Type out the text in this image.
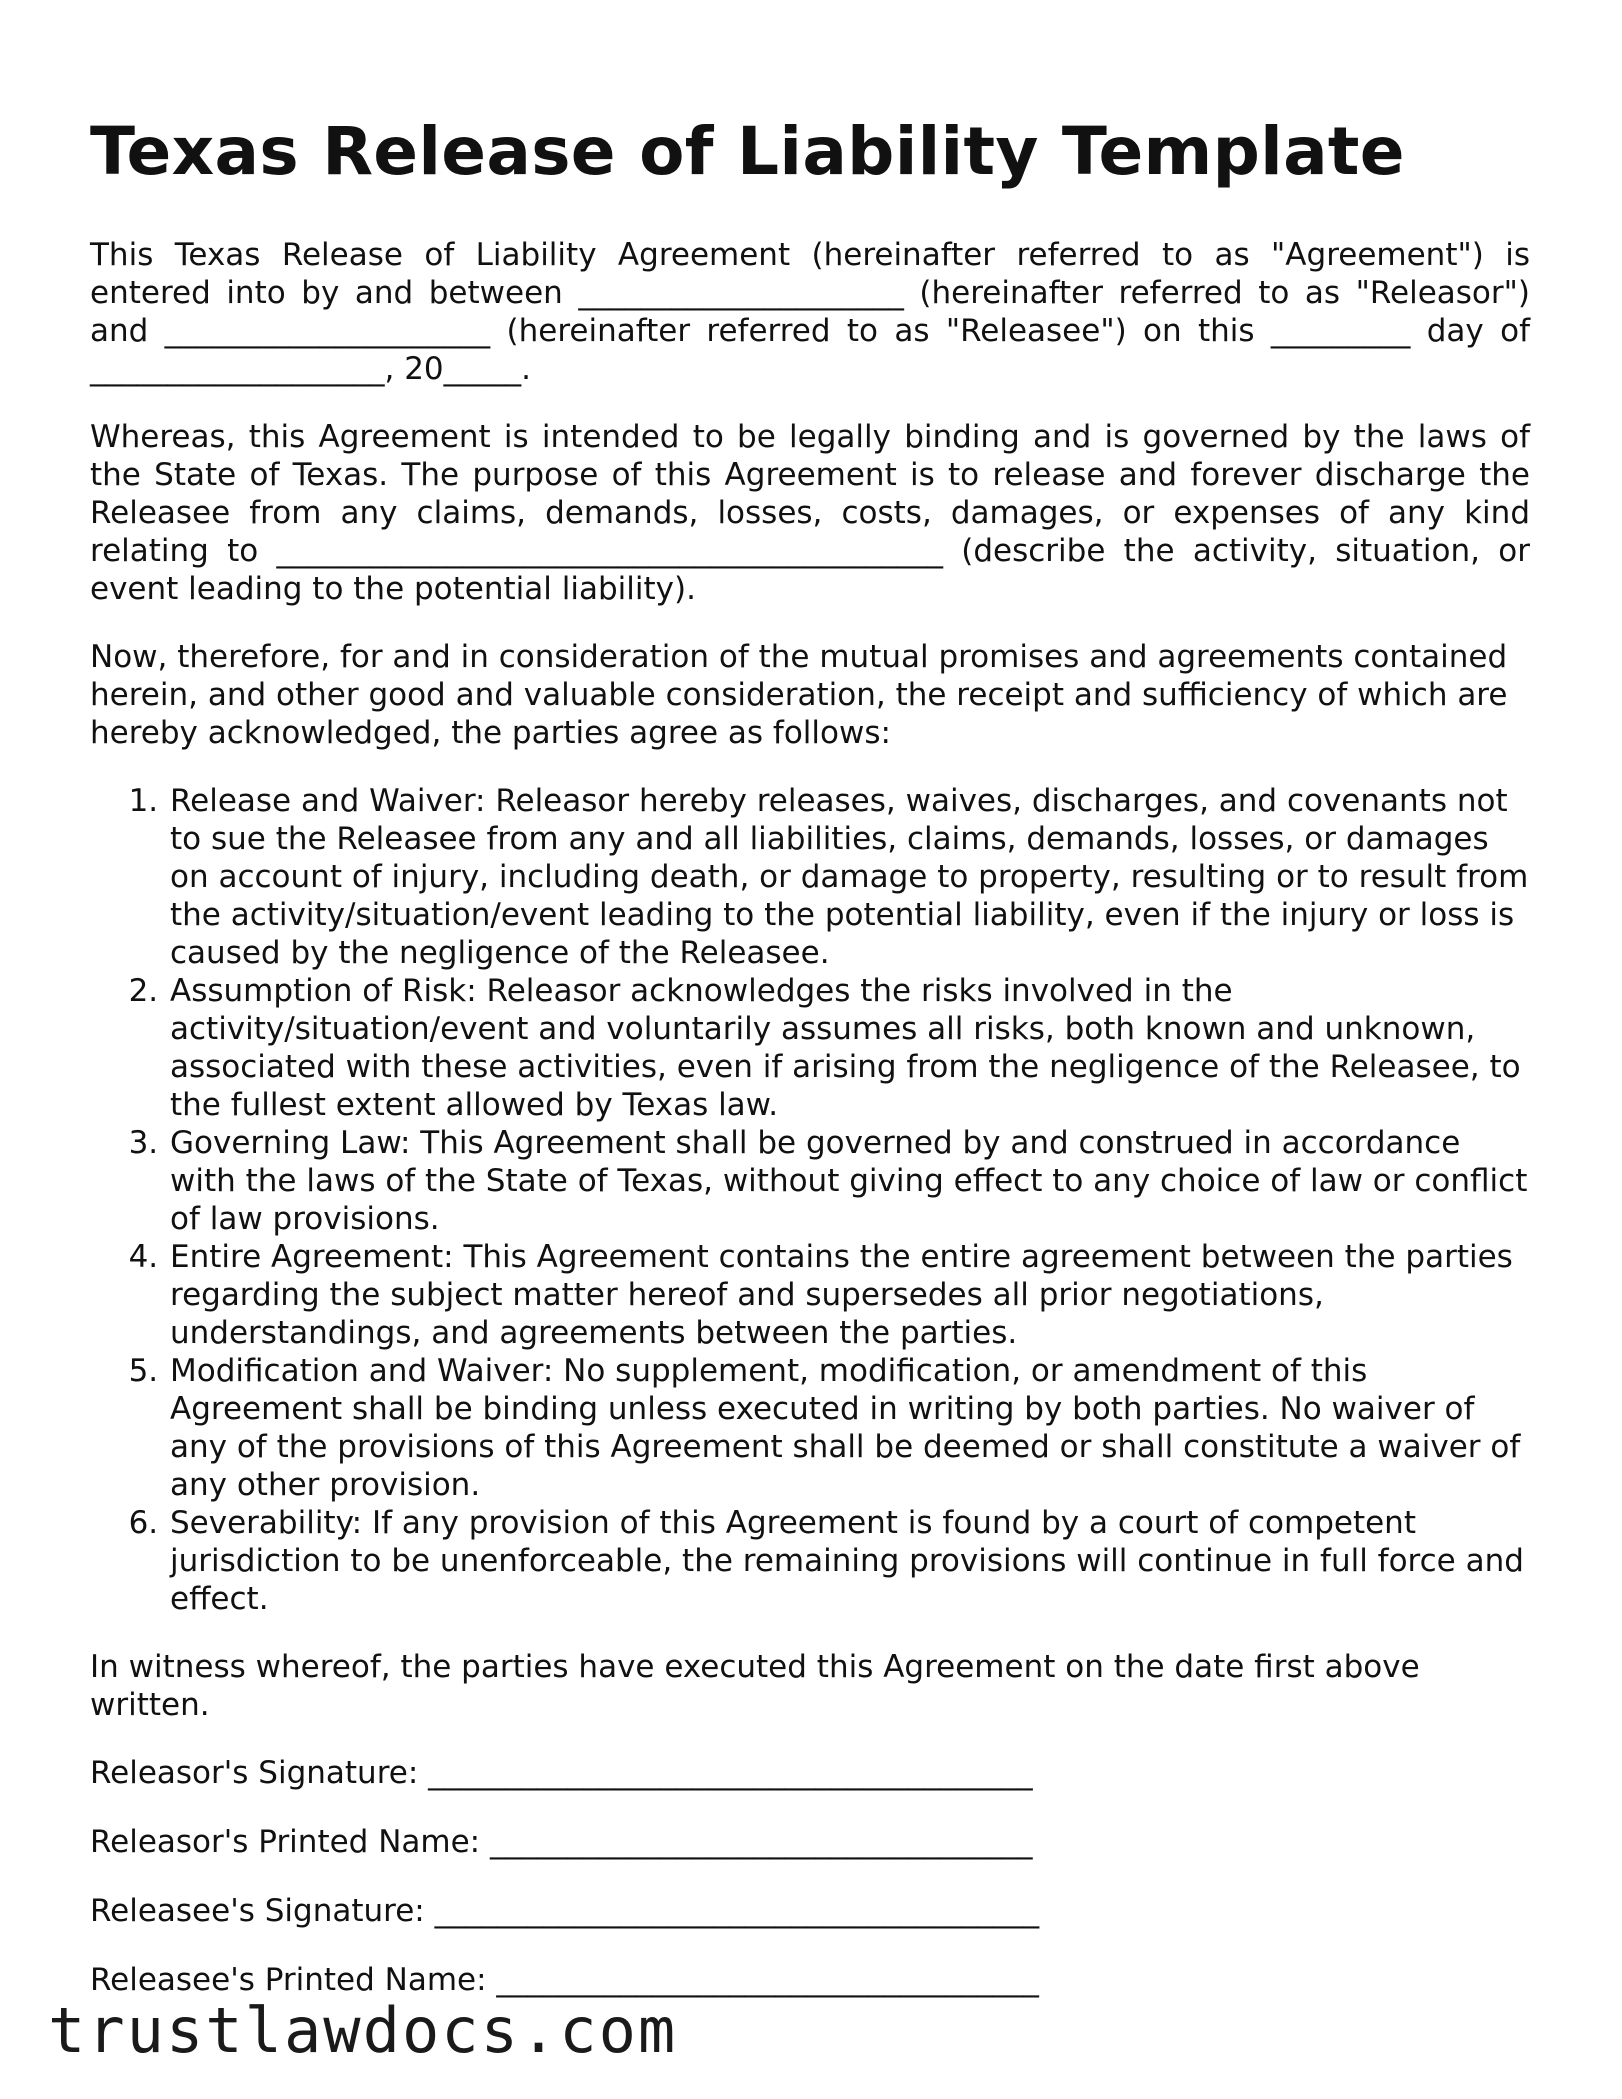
Texas Release of Liability Template

This Texas Release of Liability Agreement (hereinafter referred to as "Agreement") is entered into by and between _____________________ (hereinafter referred to as "Releasor") and _____________________ (hereinafter referred to as "Releasee") on this _________ day of ___________________, 20_____.

Whereas, this Agreement is intended to be legally binding and is governed by the laws of the State of Texas. The purpose of this Agreement is to release and forever discharge the Releasee from any claims, demands, losses, costs, damages, or expenses of any kind relating to ___________________________________________ (describe the activity, situation, or event leading to the potential liability).

Now, therefore, for and in consideration of the mutual promises and agreements contained herein, and other good and valuable consideration, the receipt and sufficiency of which are hereby acknowledged, the parties agree as follows:

1. Release and Waiver: Releasor hereby releases, waives, discharges, and covenants not to sue the Releasee from any and all liabilities, claims, demands, losses, or damages on account of injury, including death, or damage to property, resulting or to result from the activity/situation/event leading to the potential liability, even if the injury or loss is caused by the negligence of the Releasee.
2. Assumption of Risk: Releasor acknowledges the risks involved in the activity/situation/event and voluntarily assumes all risks, both known and unknown, associated with these activities, even if arising from the negligence of the Releasee, to the fullest extent allowed by Texas law.
3. Governing Law: This Agreement shall be governed by and construed in accordance with the laws of the State of Texas, without giving effect to any choice of law or conflict of law provisions.
4. Entire Agreement: This Agreement contains the entire agreement between the parties regarding the subject matter hereof and supersedes all prior negotiations, understandings, and agreements between the parties.
5. Modification and Waiver: No supplement, modification, or amendment of this Agreement shall be binding unless executed in writing by both parties. No waiver of any of the provisions of this Agreement shall be deemed or shall constitute a waiver of any other provision.
6. Severability: If any provision of this Agreement is found by a court of competent jurisdiction to be unenforceable, the remaining provisions will continue in full force and effect.

In witness whereof, the parties have executed this Agreement on the date first above written.

Releasor's Signature: _______________________________________
Releasor's Printed Name: ___________________________________
Releasee's Signature: _______________________________________
Releasee's Printed Name: ___________________________________
trustlawdocs.com
